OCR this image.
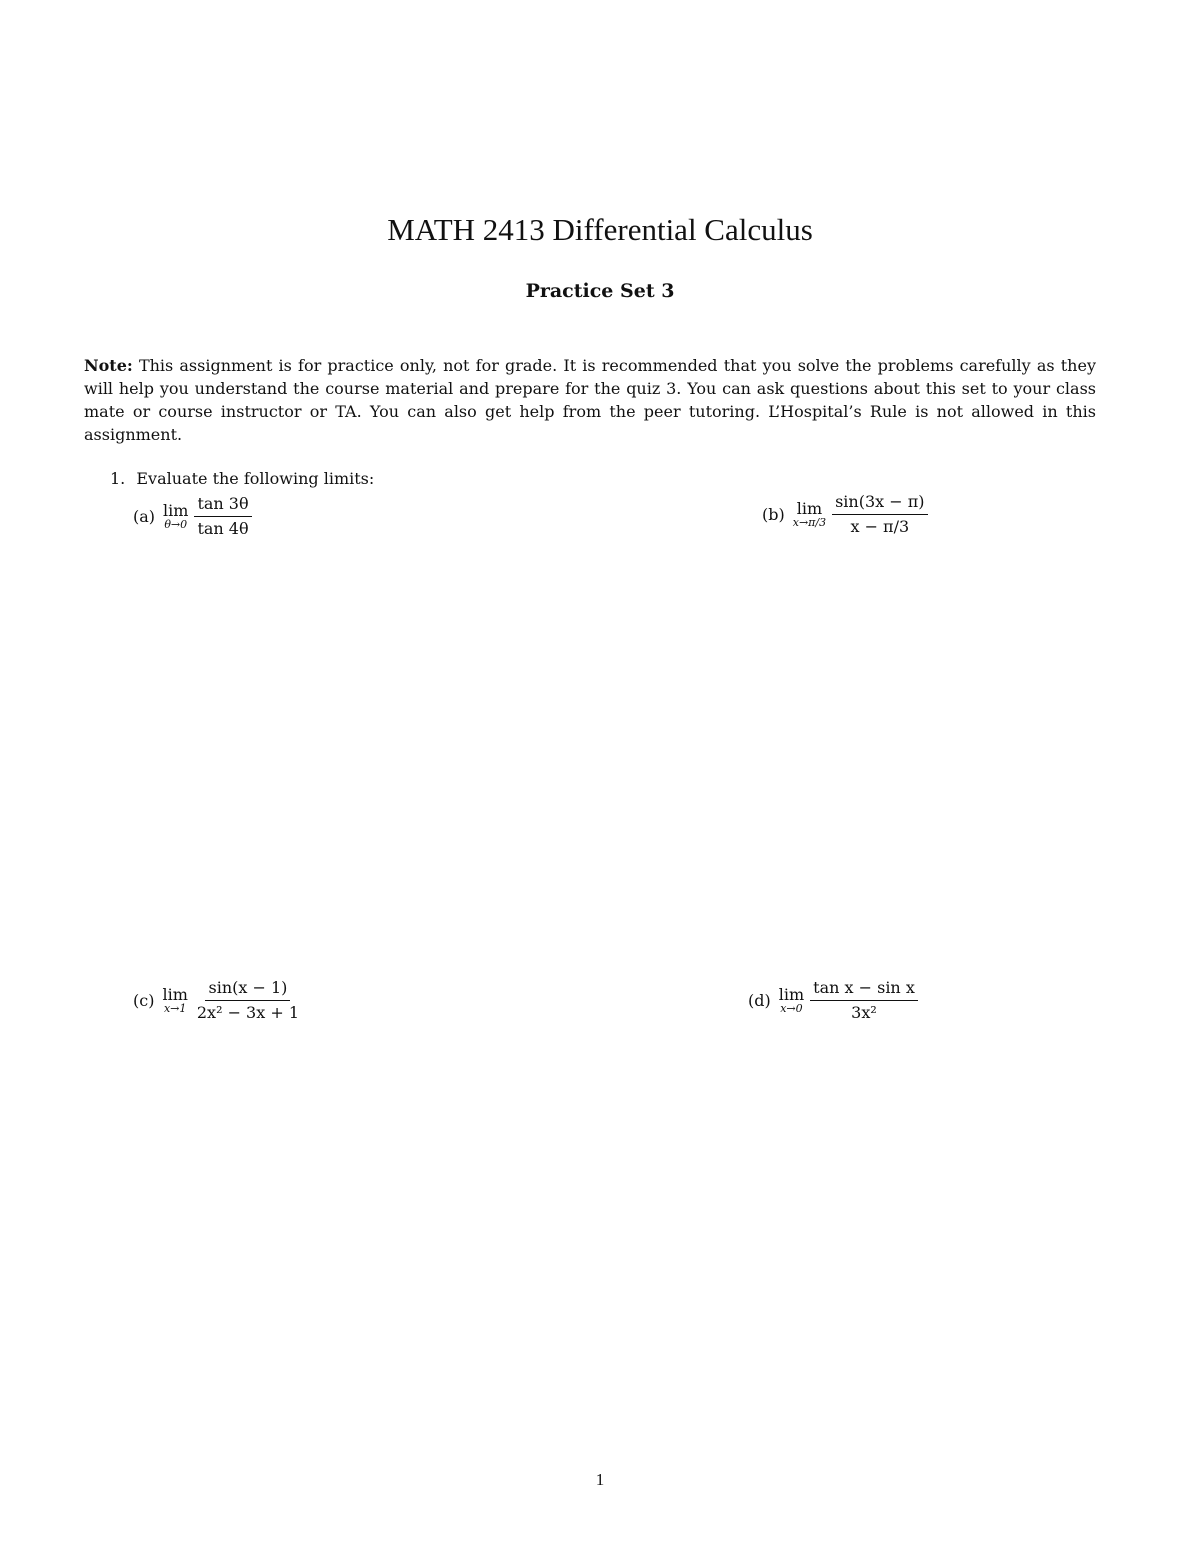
MATH 2413 Differential Calculus
Practice Set 3
Note: This assignment is for practice only, not for grade. It is recommended that you solve the problems carefully as they will help you understand the course material and prepare for the quiz 3. You can ask questions about this set to your class mate or course instructor or TA. You can also get help from the peer tutoring. L’Hospital’s Rule is not allowed in this assignment.
1. Evaluate the following limits:
(a) lim
$\theta\to 0 \frac{\tan 3\theta}{\tan 4\theta}$	(b) lim
$x\to\pi/3 \frac{\sin(3x - \pi)}{x - \pi/3}$
(c) lim
$x\to 1 \frac{\sin(x - 1)}{\text{2x² − 3x + 1}}$	(d) lim
$x\to 0 \frac{\text{tan x − sin x}}{\text{3x²}}$
1
